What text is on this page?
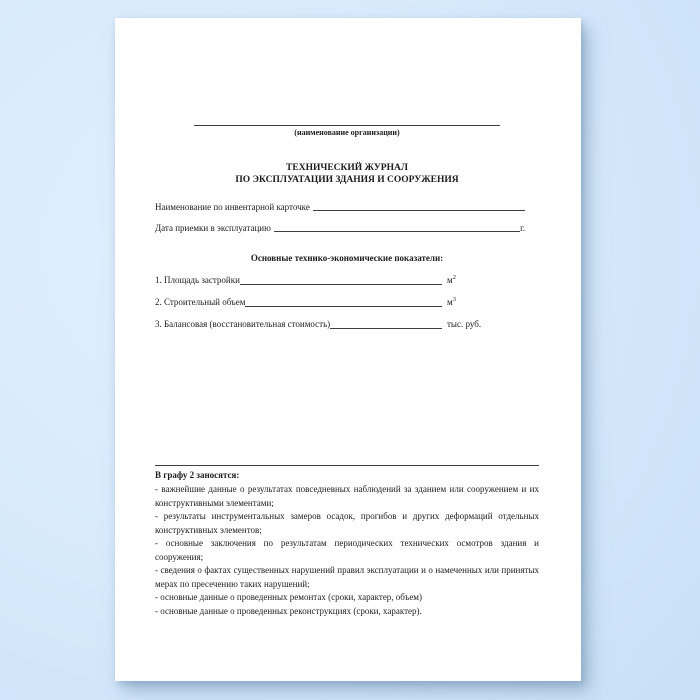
(наименование организации)
ТЕХНИЧЕСКИЙ ЖУРНАЛ
ПО ЭКСПЛУАТАЦИИ ЗДАНИЯ И СООРУЖЕНИЯ
Наименование по инвентарной карточке
Дата приемки в эксплуатацию	г.
Основные технико-экономические показатели:
1. Площадь застройки	$м^2$
2. Строительный объем	$м^3$
3. Балансовая (восстановительная стоимость)	тыс. руб.
В графу 2 заносятся:

- важнейшие данные о результатах повседневных наблюдений за зданием или сооружением и их конструктивными элементами;

- результаты инструментальных замеров осадок, прогибов и других деформаций отдельных конструктивных элементов;

- основные заключения по результатам периодических технических осмотров здания и сооружения;

- сведения о фактах существенных нарушений правил эксплуатации и о намеченных или принятых мерах по пресечению таких нарушений;

- основные данные о проведенных ремонтах (сроки, характер, объем)

- основные данные о проведенных реконструкциях (сроки, характер).
